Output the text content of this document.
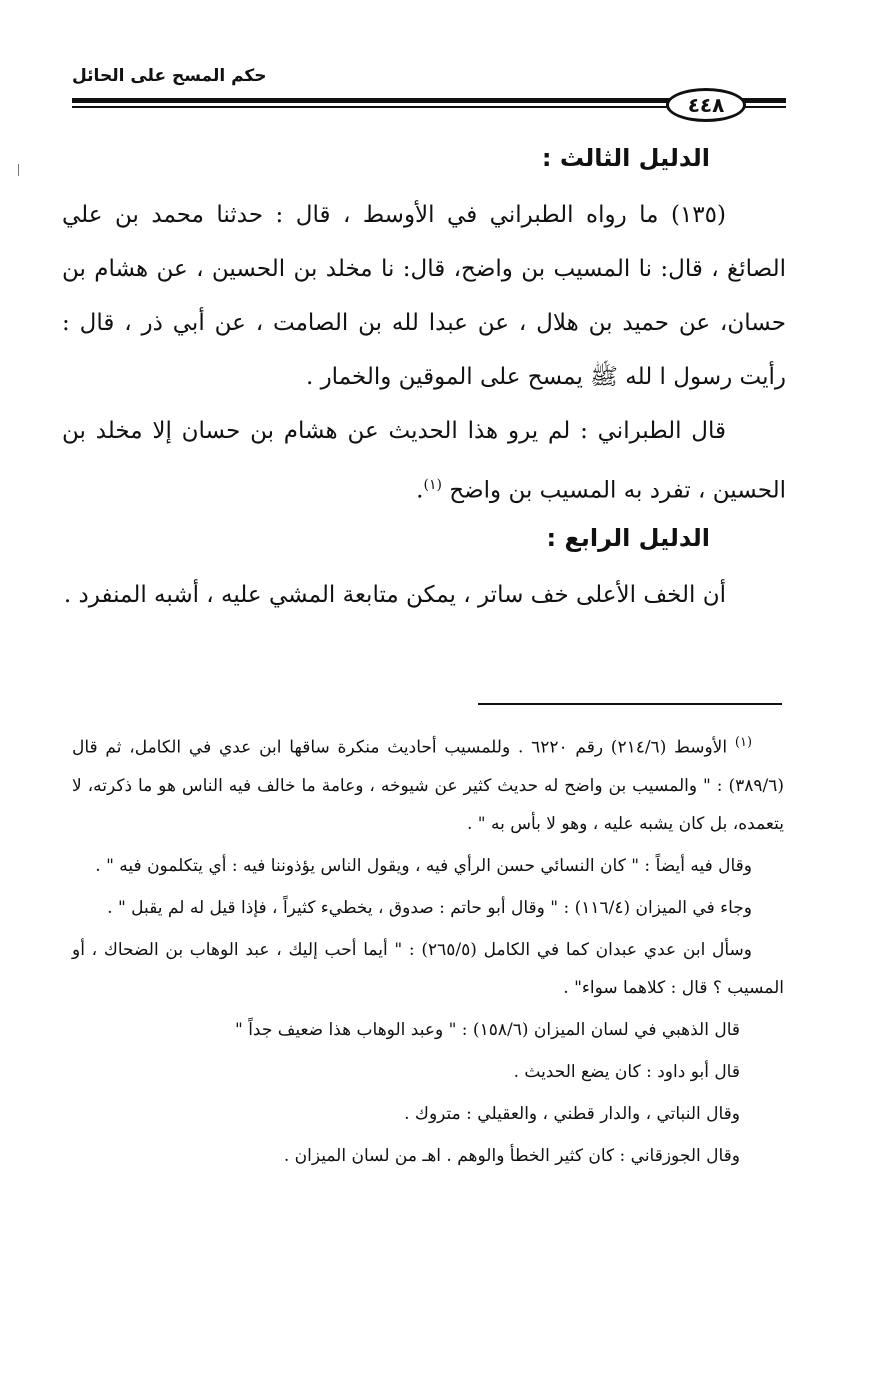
حكم المسح على الحائل
٤٤٨
الدليل الثالث :

(١٣٥) ما رواه الطبراني في الأوسط ، قال : حدثنا محمد بن علي الصائغ ، قال: نا المسيب بن واضح، قال: نا مخلد بن الحسين ، عن هشام بن حسان، عن حميد بن هلال ، عن عبدا لله بن الصامت ، عن أبي ذر ، قال : رأيت رسول ا لله ﷺ يمسح على الموقين والخمار .

قال الطبراني : لم يرو هذا الحديث عن هشام بن حسان إلا مخلد بن الحسين ، تفرد به المسيب بن واضح $^{(١)}$.

الدليل الرابع :

أن الخف الأعلى خف ساتر ، يمكن متابعة المشي عليه ، أشبه المنفرد .

$^{(١)}$ الأوسط (٢١٤/٦) رقم ٦٢٢٠ . وللمسيب أحاديث منكرة ساقها ابن عدي في الكامل، ثم قال (٣٨٩/٦) : " والمسيب بن واضح له حديث كثير عن شيوخه ، وعامة ما خالف فيه الناس هو ما ذكرته، لا يتعمده، بل كان يشبه عليه ، وهو لا بأس به " .

وقال فيه أيضاً : " كان النسائي حسن الرأي فيه ، ويقول الناس يؤذوننا فيه : أي يتكلمون فيه " .

وجاء في الميزان (١١٦/٤) : " وقال أبو حاتم : صدوق ، يخطيء كثيراً ، فإذا قيل له لم يقبل " .

وسأل ابن عدي عبدان كما في الكامل (٢٦٥/٥) : " أيما أحب إليك ، عبد الوهاب بن الضحاك ، أو المسيب ؟ قال : كلاهما سواء" .

قال الذهبي في لسان الميزان (١٥٨/٦) : " وعبد الوهاب هذا ضعيف جداً "

قال أبو داود : كان يضع الحديث .

وقال النباتي ، والدار قطني ، والعقيلي : متروك .

وقال الجوزقاني : كان كثير الخطأ والوهم . اهـ من لسان الميزان .
